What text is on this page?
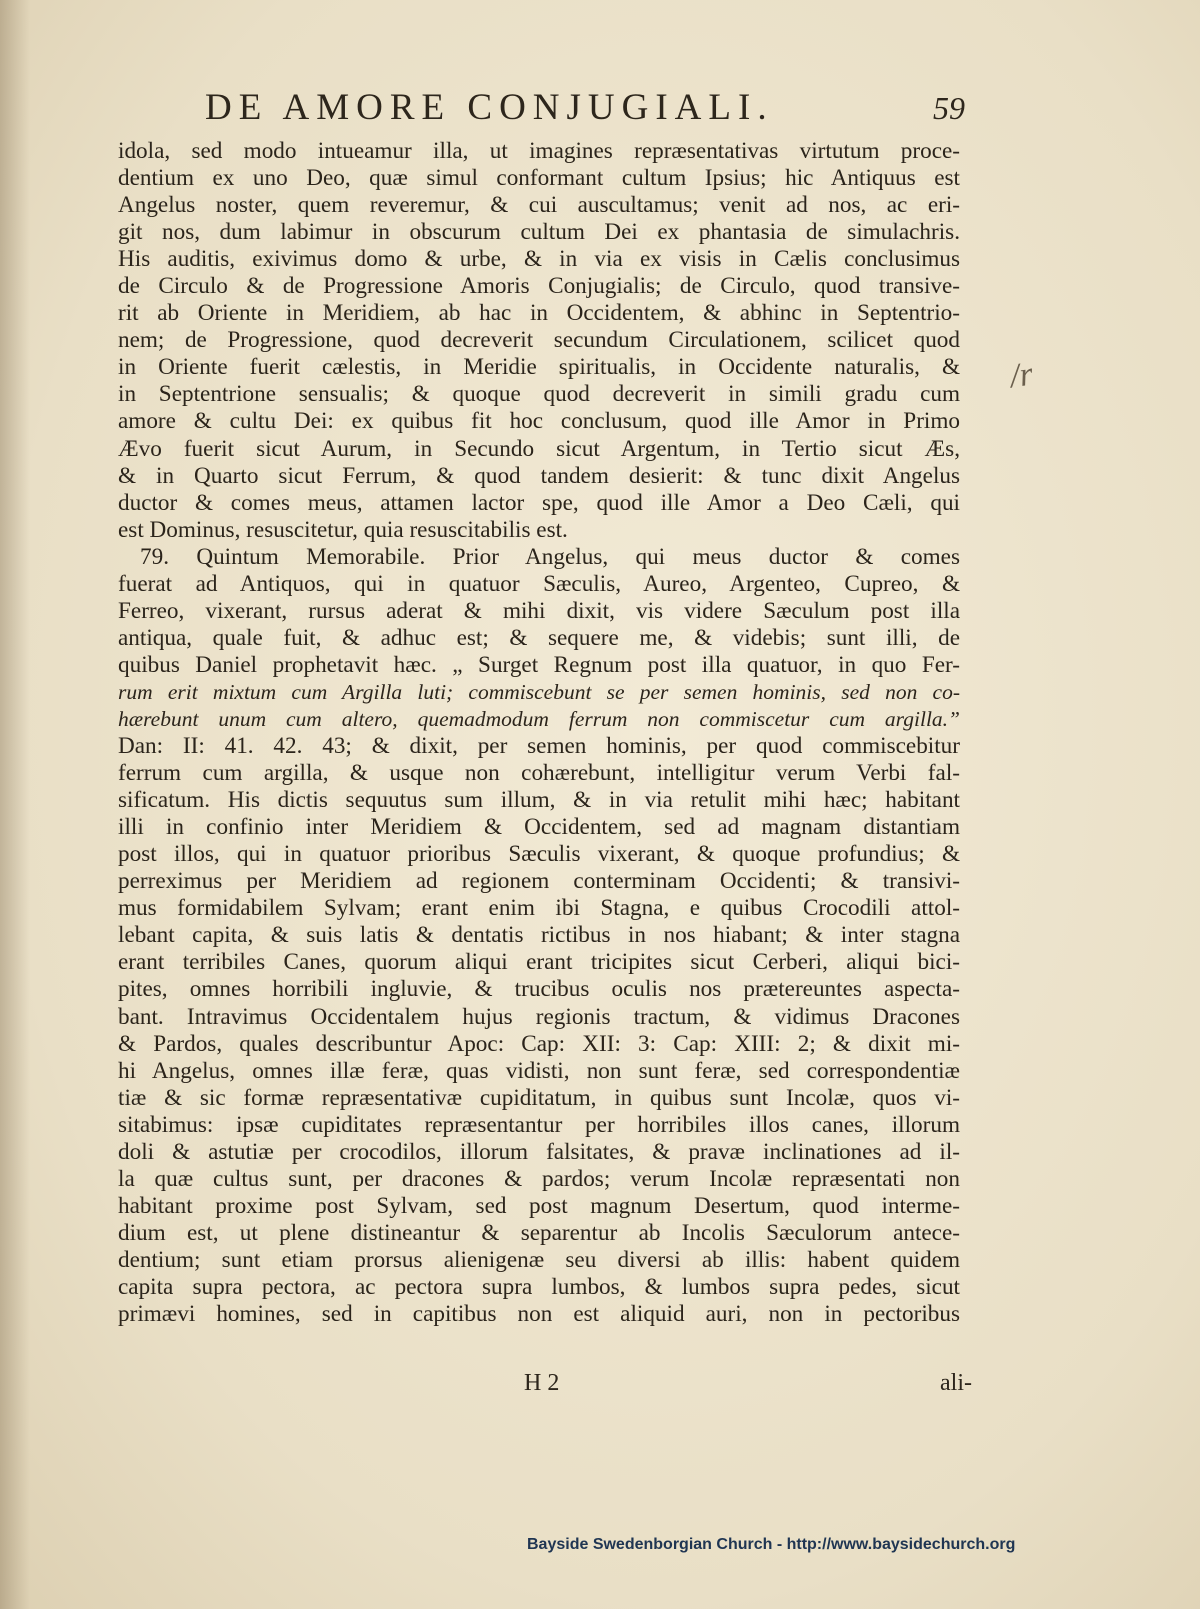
DE AMORE CONJUGIALI.	59
idola, sed modo intueamur illa, ut imagines repræsentativas virtutum proce-
dentium ex uno Deo, quæ simul conformant cultum Ipsius; hic Antiquus est
Angelus noster, quem reveremur, & cui auscultamus; venit ad nos, ac eri-
git nos, dum labimur in obscurum cultum Dei ex phantasia de simulachris.
His auditis, exivimus domo & urbe, & in via ex visis in Cælis conclusimus
de Circulo & de Progressione Amoris Conjugialis; de Circulo, quod transive-
rit ab Oriente in Meridiem, ab hac in Occidentem, & abhinc in Septentrio-
nem; de Progressione, quod decreverit secundum Circulationem, scilicet quod
in Oriente fuerit cælestis, in Meridie spiritualis, in Occidente naturalis, &
in Septentrione sensualis; & quoque quod decreverit in simili gradu cum
amore & cultu Dei: ex quibus fit hoc conclusum, quod ille Amor in Primo
Ævo fuerit sicut Aurum, in Secundo sicut Argentum, in Tertio sicut Æs,
& in Quarto sicut Ferrum, & quod tandem desierit: & tunc dixit Angelus
ductor & comes meus, attamen lactor spe, quod ille Amor a Deo Cæli, qui
est Dominus, resuscitetur, quia resuscitabilis est.
79. Quintum Memorabile. Prior Angelus, qui meus ductor & comes
fuerat ad Antiquos, qui in quatuor Sæculis, Aureo, Argenteo, Cupreo, &
Ferreo, vixerant, rursus aderat & mihi dixit, vis videre Sæculum post illa
antiqua, quale fuit, & adhuc est; & sequere me, & videbis; sunt illi, de
quibus Daniel prophetavit hæc. „ Surget Regnum post illa quatuor, in quo Fer-
rum erit mixtum cum Argilla luti; commiscebunt se per semen hominis, sed non co-
hærebunt unum cum altero, quemadmodum ferrum non commiscetur cum argilla.”
Dan: II: 41. 42. 43; & dixit, per semen hominis, per quod commiscebitur
ferrum cum argilla, & usque non cohærebunt, intelligitur verum Verbi fal-
sificatum. His dictis sequutus sum illum, & in via retulit mihi hæc; habitant
illi in confinio inter Meridiem & Occidentem, sed ad magnam distantiam
post illos, qui in quatuor prioribus Sæculis vixerant, & quoque profundius; &
perreximus per Meridiem ad regionem conterminam Occidenti; & transivi-
mus formidabilem Sylvam; erant enim ibi Stagna, e quibus Crocodili attol-
lebant capita, & suis latis & dentatis rictibus in nos hiabant; & inter stagna
erant terribiles Canes, quorum aliqui erant tricipites sicut Cerberi, aliqui bici-
pites, omnes horribili ingluvie, & trucibus oculis nos prætereuntes aspecta-
bant. Intravimus Occidentalem hujus regionis tractum, & vidimus Dracones
& Pardos, quales describuntur Apoc: Cap: XII: 3: Cap: XIII: 2; & dixit mi-
hi Angelus, omnes illæ feræ, quas vidisti, non sunt feræ, sed correspondentiæ
tiæ & sic formæ repræsentativæ cupiditatum, in quibus sunt Incolæ, quos vi-
sitabimus: ipsæ cupiditates repræsentantur per horribiles illos canes, illorum
doli & astutiæ per crocodilos, illorum falsitates, & pravæ inclinationes ad il-
la quæ cultus sunt, per dracones & pardos; verum Incolæ repræsentati non
habitant proxime post Sylvam, sed post magnum Desertum, quod interme-
dium est, ut plene distineantur & separentur ab Incolis Sæculorum antece-
dentium; sunt etiam prorsus alienigenæ seu diversi ab illis: habent quidem
capita supra pectora, ac pectora supra lumbos, & lumbos supra pedes, sicut
primævi homines, sed in capitibus non est aliquid auri, non in pectoribus
H 2	ali-
/r
Bayside Swedenborgian Church - http://www.baysidechurch.org
